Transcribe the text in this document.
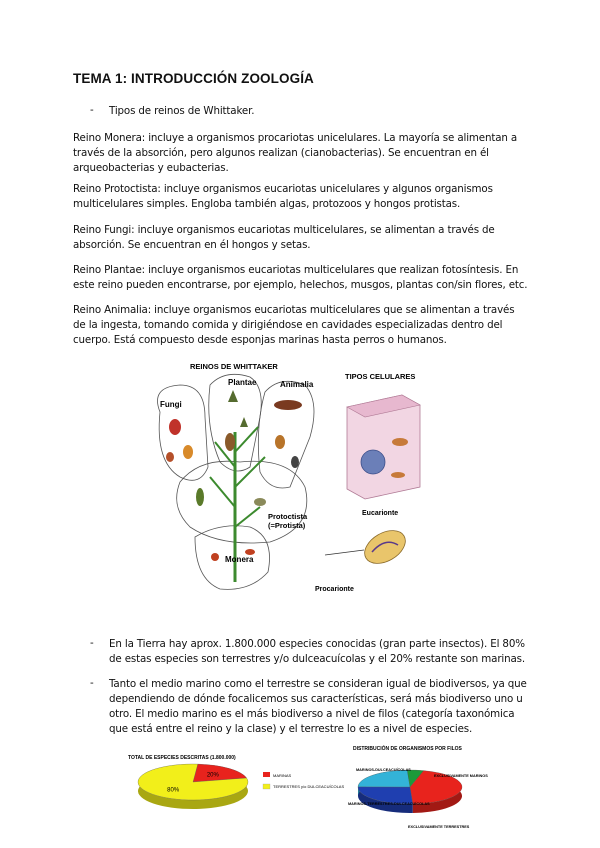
TEMA 1: INTRODUCCIÓN ZOOLOGÍA
- Tipos de reinos de Whittaker.

Reino Monera: incluye a organismos procariotas unicelulares. La mayoría se alimentan a través de la absorción, pero algunos realizan (cianobacterias). Se encuentran en él arqueobacterias y eubacterias.

Reino Protoctista: incluye organismos eucariotas unicelulares y algunos organismos multicelulares simples. Engloba también algas, protozoos y hongos protistas.

Reino Fungi: incluye organismos eucariotas multicelulares, se alimentan a través de absorción. Se encuentran en él hongos y setas.

Reino Plantae: incluye organismos eucariotas multicelulares que realizan fotosíntesis. En este reino pueden encontrarse, por ejemplo, helechos, musgos, plantas con/sin flores, etc.

Reino Animalia: incluye organismos eucariotas multicelulares que se alimentan a través de la ingesta, tomando comida y dirigiéndose en cavidades especializadas dentro del cuerpo. Está compuesto desde esponjas marinas hasta perros o humanos.

REINOS DE WHITTAKER
Plantae	Animalia
Fungi
Protoctista
(=Protista)
Monera
TIPOS CELULARES
Eucarionte
Procarionte
- En la Tierra hay aprox. 1.800.000 especies conocidas (gran parte insectos). El 80% de estas especies son terrestres y/o dulceacuícolas y el 20% restante son marinas.

- Tanto el medio marino como el terrestre se consideran igual de biodiversos, ya que dependiendo de dónde focalicemos sus características, será más biodiverso uno u otro. El medio marino es el más biodiverso a nivel de filos (categoría taxonómica que está entre el reino y la clase) y el terrestre lo es a nivel de especies.

TOTAL DE ESPECIES DESCRITAS (1.800.000)
20%
80%
MARINAS
TERRESTRES y/o DULCEACUÍCOLAS
DISTRIBUCIÓN DE ORGANISMOS POR FILOS
MARINOS-DULCEACUÍCOLAS
EXCLUSIVAMENTE MARINOS
MARINOS-TERRESTRES-DULCEACUÍCOLAS
EXCLUSIVAMENTE TERRESTRES
